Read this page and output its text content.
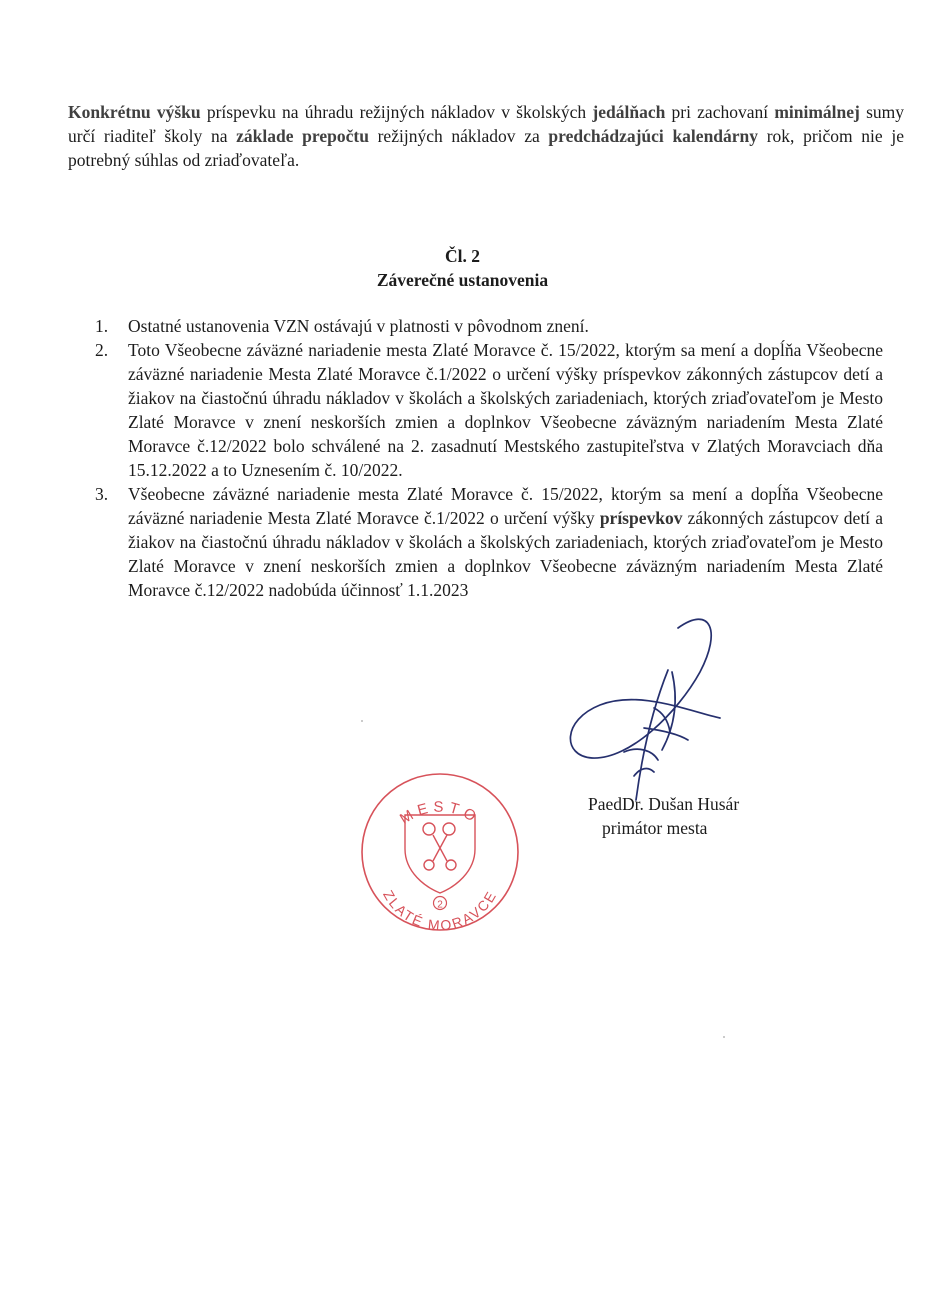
Konkrétnu výšku príspevku na úhradu režijných nákladov v školských jedálňach pri zachovaní minimálnej sumy určí riaditeľ školy na základe prepočtu režijných nákladov za predchádzajúci kalendárny rok, pričom nie je potrebný súhlas od zriaďovateľa.

Čl. 2
Záverečné ustanovenia
1. Ostatné ustanovenia VZN ostávajú v platnosti v pôvodnom znení.
2. Toto Všeobecne záväzné nariadenie mesta Zlaté Moravce č. 15/2022, ktorým sa mení a dopĺňa Všeobecne záväzné nariadenie Mesta Zlaté Moravce č.1/2022 o určení výšky príspevkov zákonných zástupcov detí a žiakov na čiastočnú úhradu nákladov v školách a školských zariadeniach, ktorých zriaďovateľom je Mesto Zlaté Moravce v znení neskorších zmien a doplnkov Všeobecne záväzným nariadením Mesta Zlaté Moravce č.12/2022 bolo schválené na 2. zasadnutí Mestského zastupiteľstva v Zlatých Moravciach dňa 15.12.2022 a to Uznesením č. 10/2022.
3. Všeobecne záväzné nariadenie mesta Zlaté Moravce č. 15/2022, ktorým sa mení a dopĺňa Všeobecne záväzné nariadenie Mesta Zlaté Moravce č.1/2022 o určení výšky príspevkov zákonných zástupcov detí a žiakov na čiastočnú úhradu nákladov v školách a školských zariadeniach, ktorých zriaďovateľom je Mesto Zlaté Moravce v znení neskorších zmien a doplnkov Všeobecne záväzným nariadením Mesta Zlaté Moravce č.12/2022 nadobúda účinnosť 1.1.2023
PaedDr. Dušan Husár
primátor mesta
MESTO
ZLATÉ MORAVCE
2
